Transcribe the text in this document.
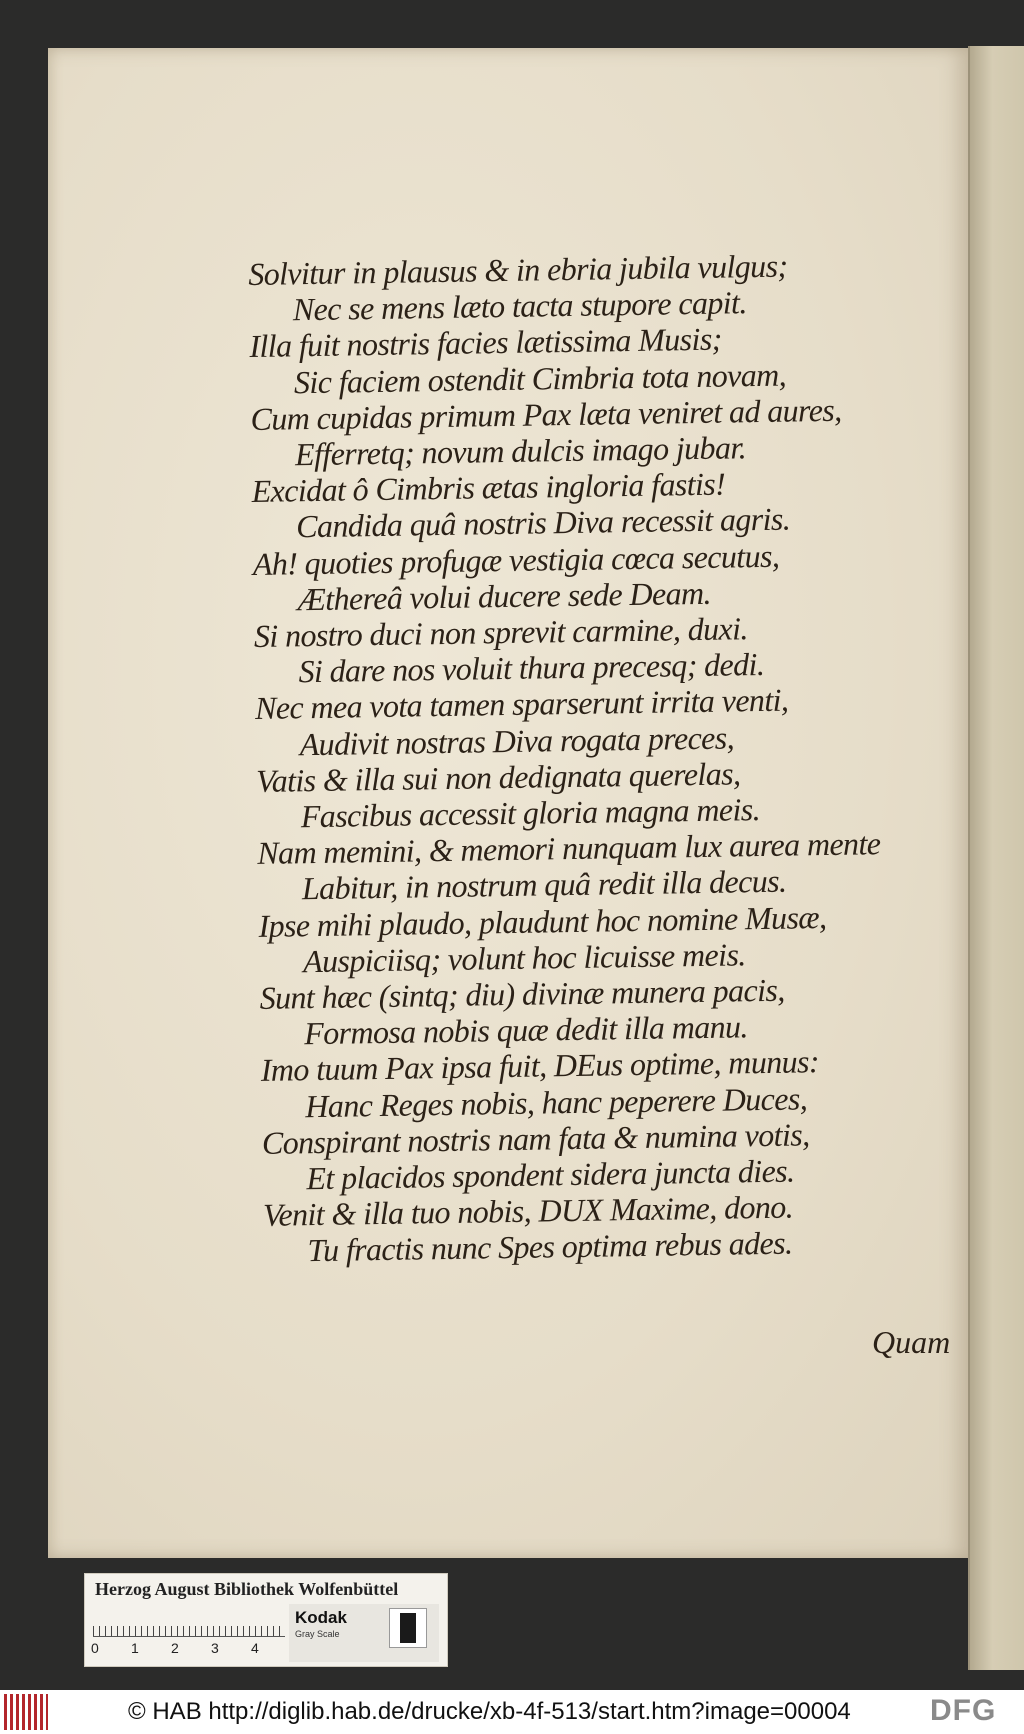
Solvitur in plausus & in ebria jubila vulgus;
Nec se mens læto tacta stupore capit.
Illa fuit nostris facies lætissima Musis;
Sic faciem ostendit Cimbria tota novam,
Cum cupidas primum Pax læta veniret ad aures,
Efferretq; novum dulcis imago jubar.
Excidat ô Cimbris ætas ingloria fastis!
Candida quâ nostris Diva recessit agris.
Ah! quoties profugæ vestigia cœca secutus,
Æthereâ volui ducere sede Deam.
Si nostro duci non sprevit carmine, duxi.
Si dare nos voluit thura precesq; dedi.
Nec mea vota tamen sparserunt irrita venti,
Audivit nostras Diva rogata preces,
Vatis & illa sui non dedignata querelas,
Fascibus accessit gloria magna meis.
Nam memini, & memori nunquam lux aurea mente
Labitur, in nostrum quâ redit illa decus.
Ipse mihi plaudo, plaudunt hoc nomine Musæ,
Auspiciisq; volunt hoc licuisse meis.
Sunt hæc (sintq; diu) divinæ munera pacis,
Formosa nobis quæ dedit illa manu.
Imo tuum Pax ipsa fuit, DEus optime, munus:
Hanc Reges nobis, hanc peperere Duces,
Conspirant nostris nam fata & numina votis,
Et placidos spondent sidera juncta dies.
Venit & illa tuo nobis, DUX Maxime, dono.
Tu fractis nunc Spes optima rebus ades.
Quam
Herzog August Bibliothek Wolfenbüttel
0 1 2 3 4
Kodak
Gray Scale
© HAB http://diglib.hab.de/drucke/xb-4f-513/start.htm?image=00004	DFG
